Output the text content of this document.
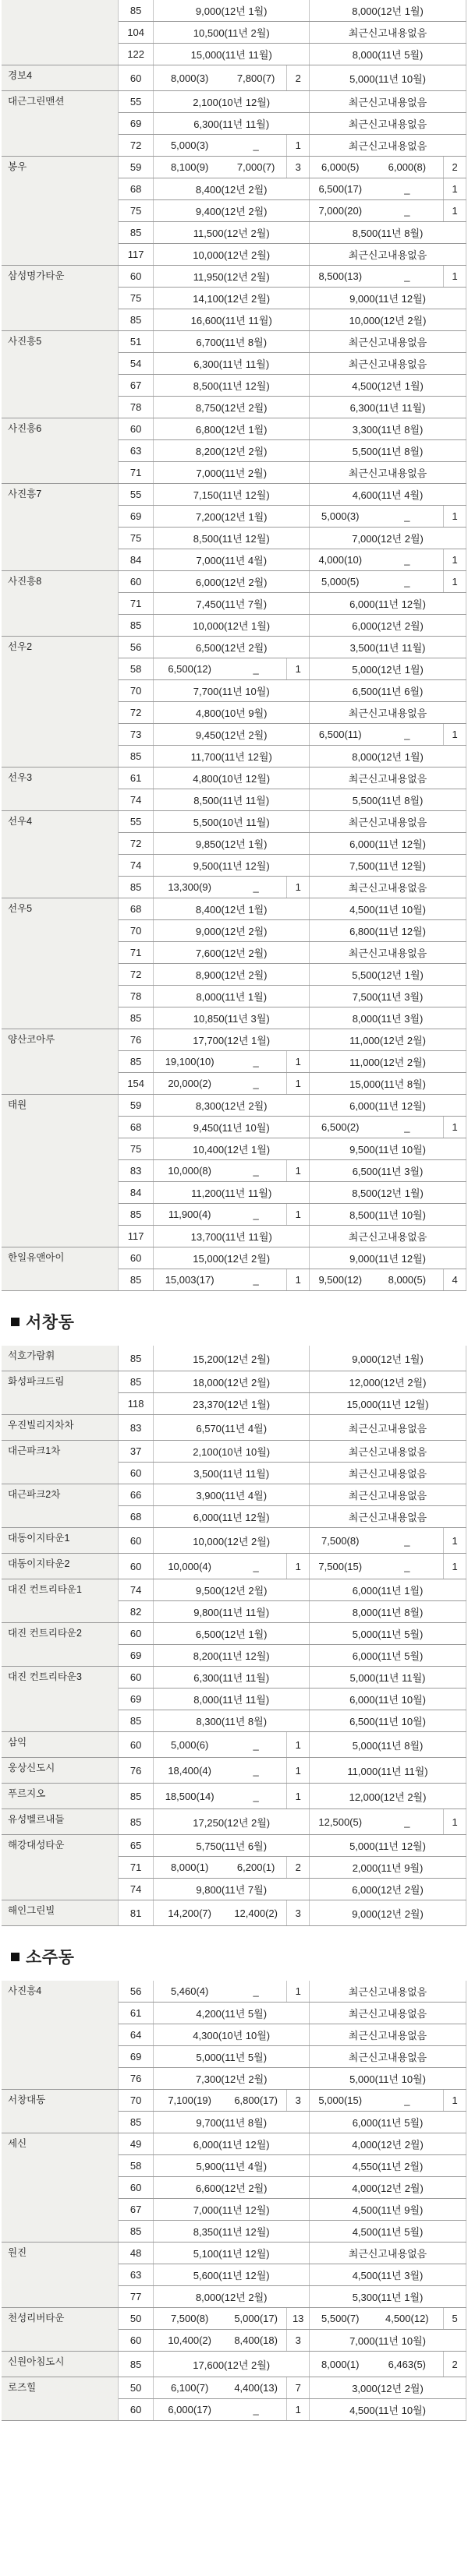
	85	9,000(12년 1월)			8,000(12년 1월)		
	104	10,500(11년 2월)			최근신고내용없음		
	122	15,000(11년 11월)			8,000(11년 5월)		
경보4	60	8,000(3)	7,800(7)	2	5,000(11년 10월)		
대근그린맨션	55	2,100(10년 12월)			최근신고내용없음		
	69	6,300(11년 11월)			최근신고내용없음		
	72	5,000(3)	_	1	최근신고내용없음		
봉우	59	8,100(9)	7,000(7)	3	6,000(5)	6,000(8)	2
	68	8,400(12년 2월)			6,500(17)	_	1
	75	9,400(12년 2월)			7,000(20)	_	1
	85	11,500(12년 2월)			8,500(11년 8월)		
	117	10,000(12년 2월)			최근신고내용없음		
삼성명가타운	60	11,950(12년 2월)			8,500(13)	_	1
	75	14,100(12년 2월)			9,000(11년 12월)		
	85	16,600(11년 11월)			10,000(12년 2월)		
사진흥5	51	6,700(11년 8월)			최근신고내용없음		
	54	6,300(11년 11월)			최근신고내용없음		
	67	8,500(11년 12월)			4,500(12년 1월)		
	78	8,750(12년 2월)			6,300(11년 11월)		
사진흥6	60	6,800(12년 1월)			3,300(11년 8월)		
	63	8,200(12년 2월)			5,500(11년 8월)		
	71	7,000(11년 2월)			최근신고내용없음		
사진흥7	55	7,150(11년 12월)			4,600(11년 4월)		
	69	7,200(12년 1월)			5,000(3)	_	1
	75	8,500(11년 12월)			7,000(12년 2월)		
	84	7,000(11년 4월)			4,000(10)	_	1
사진흥8	60	6,000(12년 2월)			5,000(5)	_	1
	71	7,450(11년 7월)			6,000(11년 12월)		
	85	10,000(12년 1월)			6,000(12년 2월)		
선우2	56	6,500(12년 2월)			3,500(11년 11월)		
	58	6,500(12)	_	1	5,000(12년 1월)		
	70	7,700(11년 10월)			6,500(11년 6월)		
	72	4,800(10년 9월)			최근신고내용없음		
	73	9,450(12년 2월)			6,500(11)	_	1
	85	11,700(11년 12월)			8,000(12년 1월)		
선우3	61	4,800(10년 12월)			최근신고내용없음		
	74	8,500(11년 11월)			5,500(11년 8월)		
선우4	55	5,500(10년 11월)			최근신고내용없음		
	72	9,850(12년 1월)			6,000(11년 12월)		
	74	9,500(11년 12월)			7,500(11년 12월)		
	85	13,300(9)	_	1	최근신고내용없음		
선우5	68	8,400(12년 1월)			4,500(11년 10월)		
	70	9,000(12년 2월)			6,800(11년 12월)		
	71	7,600(12년 2월)			최근신고내용없음		
	72	8,900(12년 2월)			5,500(12년 1월)		
	78	8,000(11년 1월)			7,500(11년 3월)		
	85	10,850(11년 3월)			8,000(11년 3월)		
양산코아루	76	17,700(12년 1월)			11,000(12년 2월)		
	85	19,100(10)	_	1	11,000(12년 2월)		
	154	20,000(2)	_	1	15,000(11년 8월)		
태원	59	8,300(12년 2월)			6,000(11년 12월)		
	68	9,450(11년 10월)			6,500(2)	_	1
	75	10,400(12년 1월)			9,500(11년 10월)		
	83	10,000(8)	_	1	6,500(11년 3월)		
	84	11,200(11년 11월)			8,500(12년 1월)		
	85	11,900(4)	_	1	8,500(11년 10월)		
	117	13,700(11년 11월)			최근신고내용없음		
한일유앤아이	60	15,000(12년 2월)			9,000(11년 12월)		
	85	15,003(17)	_	1	9,500(12)	8,000(5)	4
서창동
석호가람휘	85	15,200(12년 2월)			9,000(12년 1월)		
화성파크드림	85	18,000(12년 2월)			12,000(12년 2월)		
	118	23,370(12년 1월)			15,000(11년 12월)		
우진빌리지차차	83	6,570(11년 4월)			최근신고내용없음		
대근파크1차	37	2,100(10년 10월)			최근신고내용없음		
	60	3,500(11년 11월)			최근신고내용없음		
대근파크2차	66	3,900(11년 4월)			최근신고내용없음		
	68	6,000(11년 12월)			최근신고내용없음		
대동이지타운1	60	10,000(12년 2월)			7,500(8)	_	1
대동이지타운2	60	10,000(4)	_	1	7,500(15)	_	1
대진 컨트리타운1	74	9,500(12년 2월)			6,000(11년 1월)		
	82	9,800(11년 11월)			8,000(11년 8월)		
대진 컨트리타운2	60	6,500(12년 1월)			5,000(11년 5월)		
	69	8,200(11년 12월)			6,000(11년 5월)		
대진 컨트리타운3	60	6,300(11년 11월)			5,000(11년 11월)		
	69	8,000(11년 11월)			6,000(11년 10월)		
	85	8,300(11년 8월)			6,500(11년 10월)		
삼익	60	5,000(6)	_	1	5,000(11년 8월)		
웅상신도시	76	18,400(4)	_	1	11,000(11년 11월)		
푸르지오	85	18,500(14)	_	1	12,000(12년 2월)		
유성벨르내들	85	17,250(12년 2월)			12,500(5)	_	1
해강대성타운	65	5,750(11년 6월)			5,000(11년 12월)		
	71	8,000(1)	6,200(1)	2	2,000(11년 9월)		
	74	9,800(11년 7월)			6,000(12년 2월)		
해인그린빌	81	14,200(7)	12,400(2)	3	9,000(12년 2월)		
소주동
사진흥4	56	5,460(4)	_	1	최근신고내용없음		
	61	4,200(11년 5월)			최근신고내용없음		
	64	4,300(10년 10월)			최근신고내용없음		
	69	5,000(11년 5월)			최근신고내용없음		
	76	7,300(12년 2월)			5,000(11년 10월)		
서창대동	70	7,100(19)	6,800(17)	3	5,000(15)	_	1
	85	9,700(11년 8월)			6,000(11년 5월)		
세신	49	6,000(11년 12월)			4,000(12년 2월)		
	58	5,900(11년 4월)			4,550(11년 2월)		
	60	6,600(12년 2월)			4,000(12년 2월)		
	67	7,000(11년 12월)			4,500(11년 9월)		
	85	8,350(11년 12월)			4,500(11년 5월)		
원진	48	5,100(11년 12월)			최근신고내용없음		
	63	5,600(11년 12월)			4,500(11년 3월)		
	77	8,000(12년 2월)			5,300(11년 1월)		
천성리버타운	50	7,500(8)	5,000(17)	13	5,500(7)	4,500(12)	5
	60	10,400(2)	8,400(18)	3	7,000(11년 10월)		
신원아침도시	85	17,600(12년 2월)			8,000(1)	6,463(5)	2
로즈힐	50	6,100(7)	4,400(13)	7	3,000(12년 2월)		
	60	6,000(17)	_	1	4,500(11년 10월)		
